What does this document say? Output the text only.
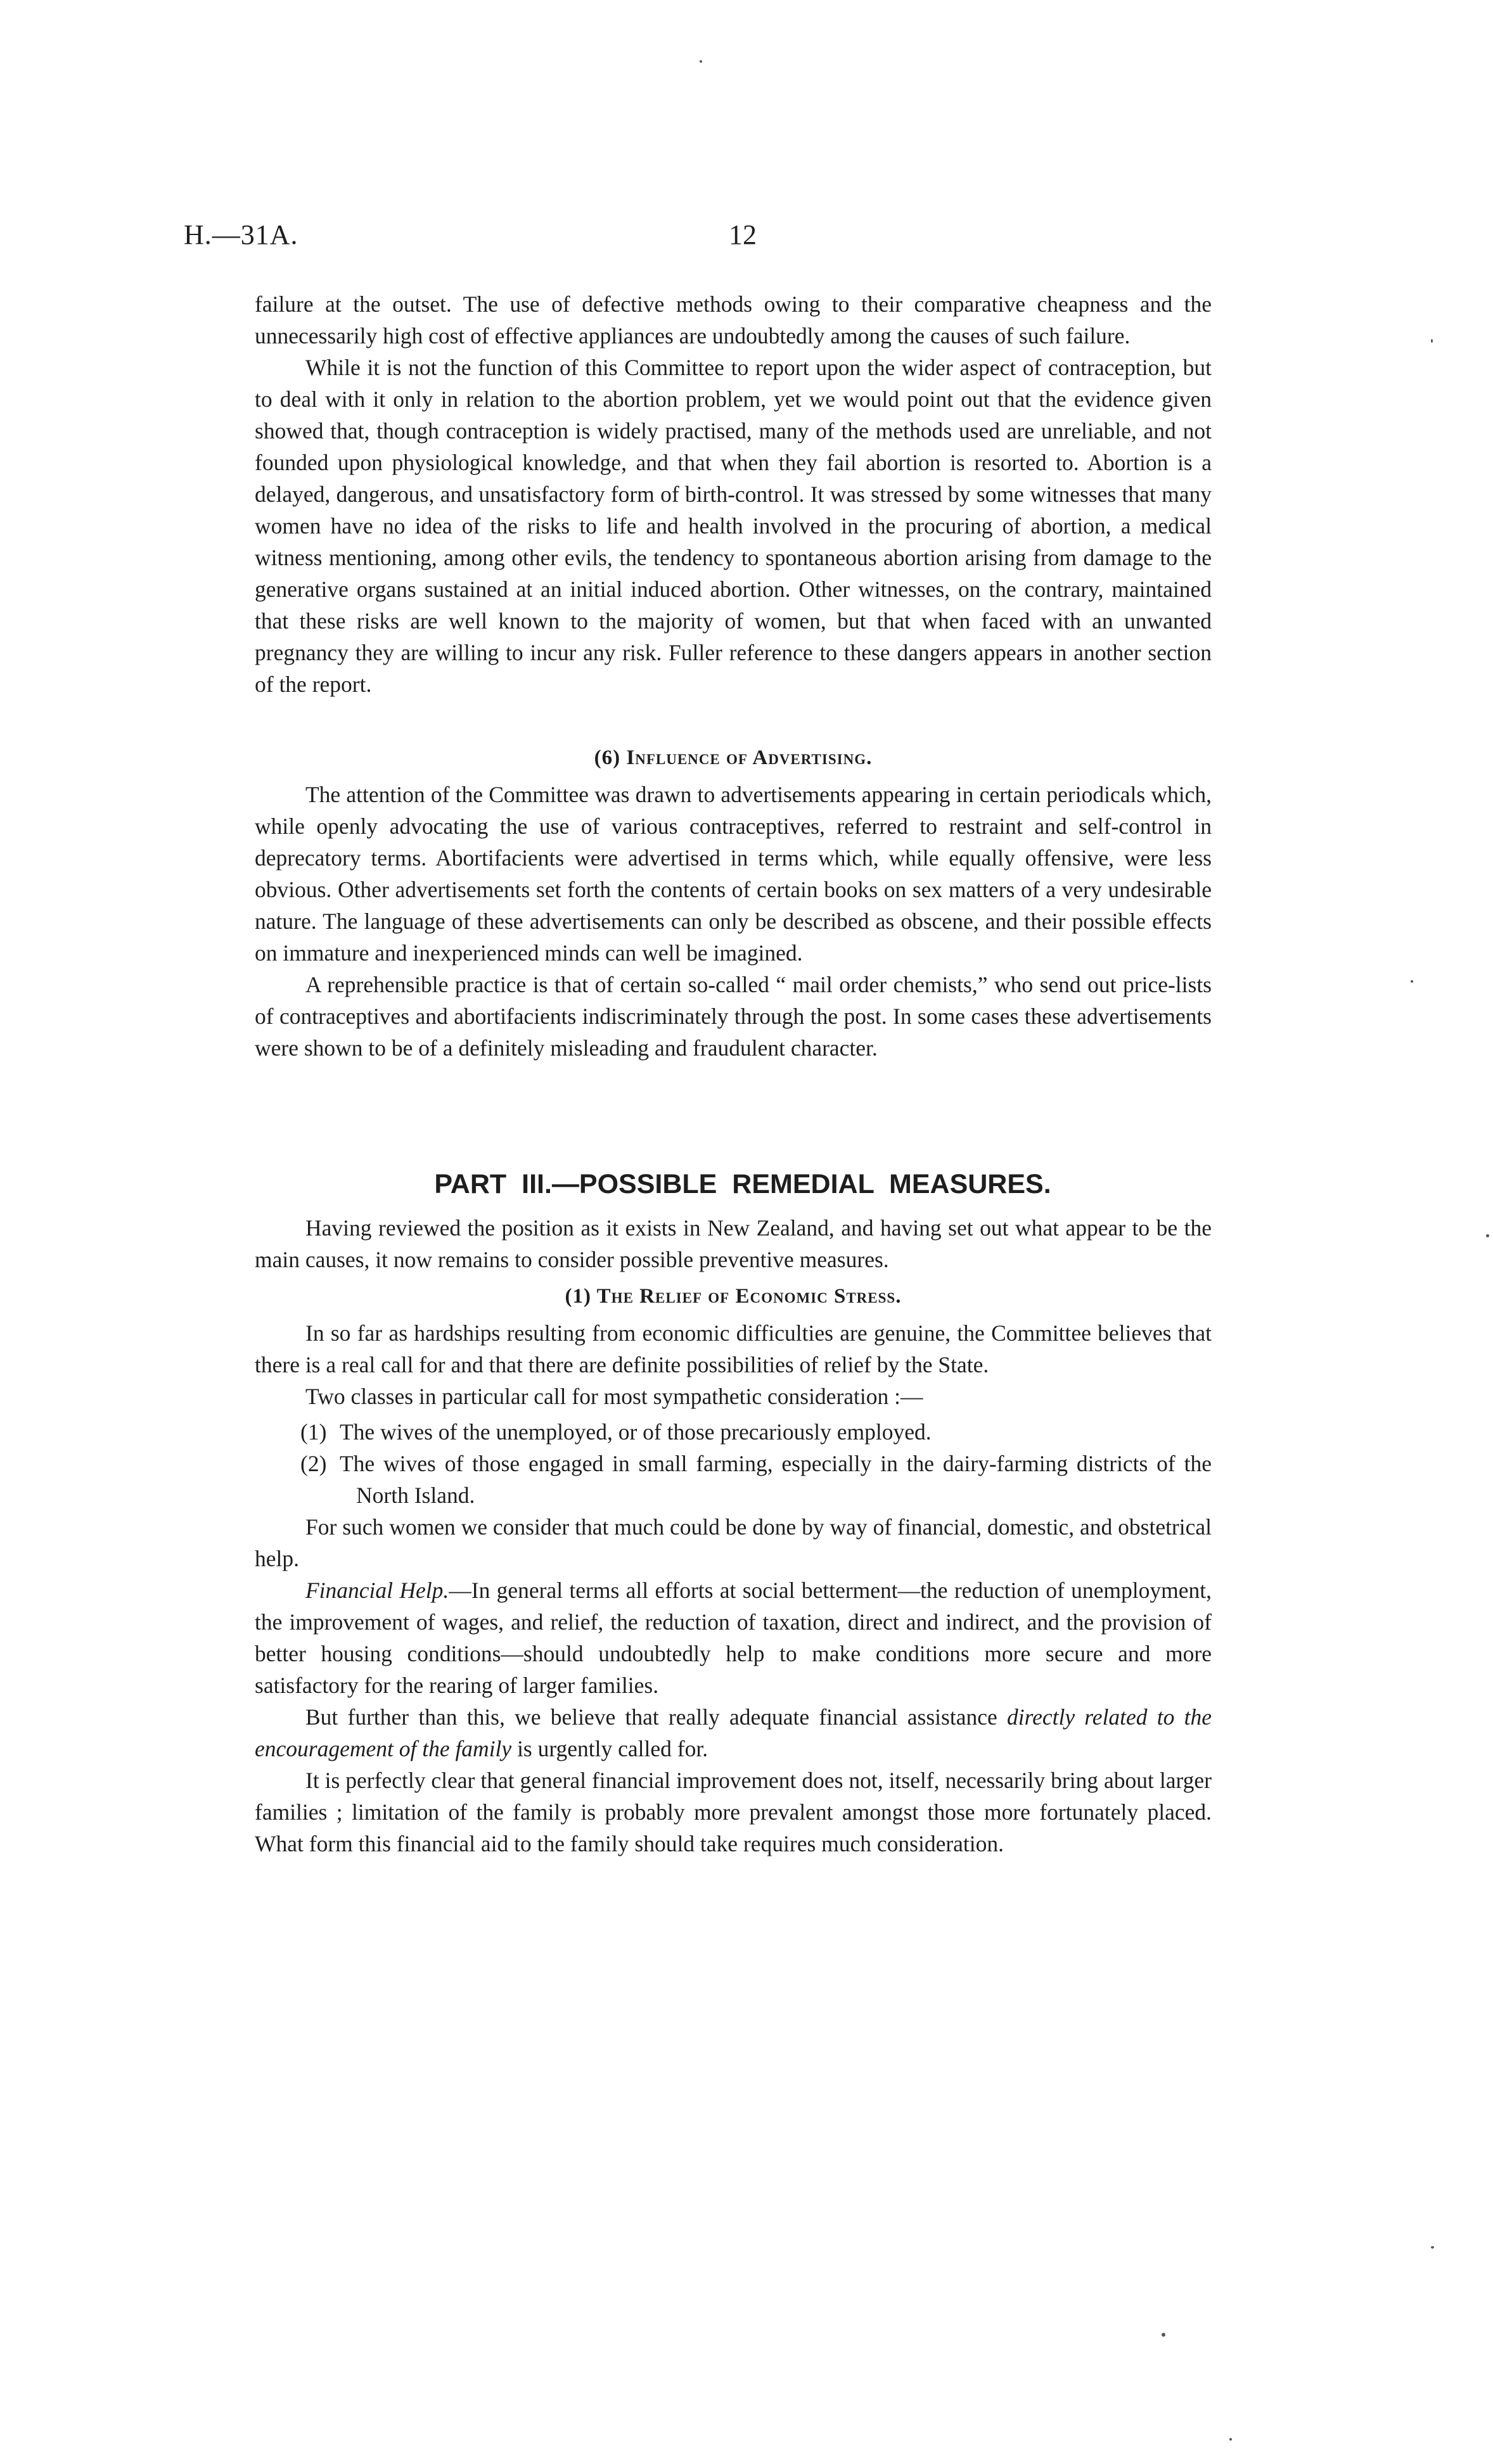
H.—31A.	12

failure at the outset. The use of defective methods owing to their comparative cheapness and the unnecessarily high cost of effective appliances are undoubtedly among the causes of such failure.

While it is not the function of this Committee to report upon the wider aspect of contraception, but to deal with it only in relation to the abortion problem, yet we would point out that the evidence given showed that, though contraception is widely practised, many of the methods used are unreliable, and not founded upon physiological knowledge, and that when they fail abortion is resorted to. Abortion is a delayed, dangerous, and unsatisfactory form of birth-control. It was stressed by some witnesses that many women have no idea of the risks to life and health involved in the procuring of abortion, a medical witness mentioning, among other evils, the tendency to spontaneous abortion arising from damage to the generative organs sustained at an initial induced abortion. Other witnesses, on the contrary, maintained that these risks are well known to the majority of women, but that when faced with an unwanted pregnancy they are willing to incur any risk. Fuller reference to these dangers appears in another section of the report.

(6) Influence of Advertising.

The attention of the Committee was drawn to advertisements appearing in certain periodicals which, while openly advocating the use of various contraceptives, referred to restraint and self-control in deprecatory terms. Abortifacients were advertised in terms which, while equally offensive, were less obvious. Other advertisements set forth the contents of certain books on sex matters of a very undesirable nature. The language of these advertisements can only be described as obscene, and their possible effects on immature and inexperienced minds can well be imagined.

A reprehensible practice is that of certain so-called “ mail order chemists,” who send out price-lists of contraceptives and abortifacients indiscriminately through the post. In some cases these advertisements were shown to be of a definitely misleading and fraudulent character.

PART III.—POSSIBLE REMEDIAL MEASURES.

Having reviewed the position as it exists in New Zealand, and having set out what appear to be the main causes, it now remains to consider possible preventive measures.

(1) The Relief of Economic Stress.

In so far as hardships resulting from economic difficulties are genuine, the Committee believes that there is a real call for and that there are definite possibilities of relief by the State.

Two classes in particular call for most sympathetic consideration :—

(1) The wives of the unemployed, or of those precariously employed.

(2) The wives of those engaged in small farming, especially in the dairy-farming districts of the North Island.

For such women we consider that much could be done by way of financial, domestic, and obstetrical help.

Financial Help.—In general terms all efforts at social betterment—the reduction of unemployment, the improvement of wages, and relief, the reduction of taxation, direct and indirect, and the provision of better housing conditions—should undoubtedly help to make conditions more secure and more satisfactory for the rearing of larger families.

But further than this, we believe that really adequate financial assistance directly related to the encouragement of the family is urgently called for.

It is perfectly clear that general financial improvement does not, itself, necessarily bring about larger families ; limitation of the family is probably more prevalent amongst those more fortunately placed. What form this financial aid to the family should take requires much consideration.
